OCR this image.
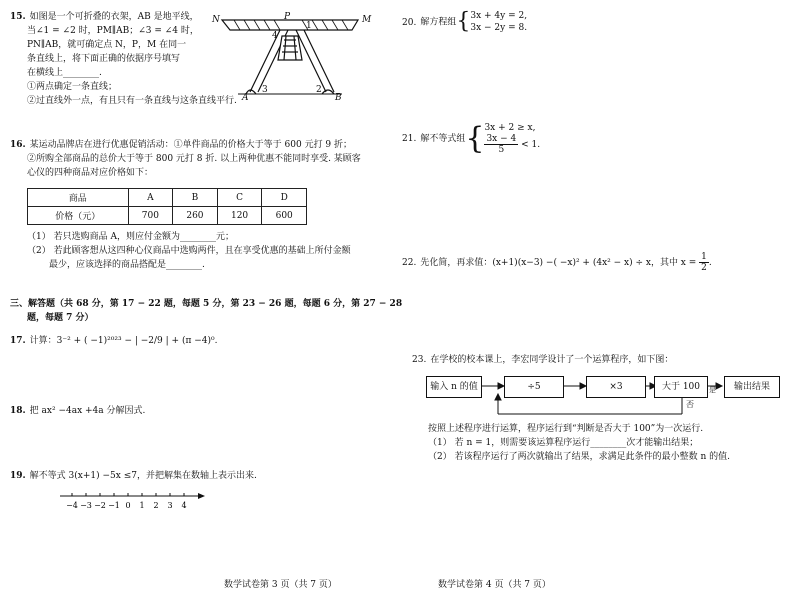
15. 如图是一个可折叠的衣架，AB 是地平线，
当∠1 = ∠2 时，PM∥AB；∠3 = ∠4 时，
PN∥AB，就可确定点 N，P，M 在同一
条直线上，将下面正确的依据序号填写
在横线上________.
①两点确定一条直线；
②过直线外一点，有且只有一条直线与这条直线平行.
N	P	M
A	B
1
2
3
4
16. 某运动品牌店在进行优惠促销活动：①单件商品的价格大于等于 600 元打 9 折；
②所购全部商品的总价大于等于 800 元打 8 折. 以上两种优惠不能同时享受. 某顾客
心仪的四种商品对应价格如下：
商品	A	B	C	D
价格（元）	700	260	120	600
（1） 若只选购商品 A，则应付金额为________元；
（2） 若此顾客想从这四种心仪商品中选购两件，且在享受优惠的基础上所付金额
最少，应该选择的商品搭配是________.
三、解答题（共 68 分，第 17 − 22 题，每题 5 分，第 23 − 26 题，每题 6 分，第 27 − 28
题，每题 7 分）
17. 计算：3⁻² + ( −1)²⁰²³ − | −2/9 | + (π −4)⁰.
18. 把 ax² −4ax +4a 分解因式.
19. 解不等式 3(x+1) −5x ≤7，并把解集在数轴上表示出来.
−4 −3 −2 −1 0 1 2 3 4
20. 解方程组{ 3x + 4y = 2,
3x − 2y = 8.
21. 解不等式组{ 3x + 2 ≥ x,
$\frac{3x - 4}{5} < 1$.
22. 先化简，再求值：(x+1)(x−3) −( −x)² + (4x² − x) ÷ x，其中 $x = \frac{1}{2}$ .
23. 在学校的校本课上，李宏同学设计了一个运算程序，如下图：
输入 n 的值	÷5	×3	大于 100	输出结果
是
否
按照上述程序进行运算，程序运行到“判断是否大于 100”为一次运行.
（1） 若 n = 1，则需要该运算程序运行________次才能输出结果；
（2） 若该程序运行了两次就输出了结果，求满足此条件的最小整数 n 的值.
数学试卷第 3 页（共 7 页）	数学试卷第 4 页（共 7 页）
